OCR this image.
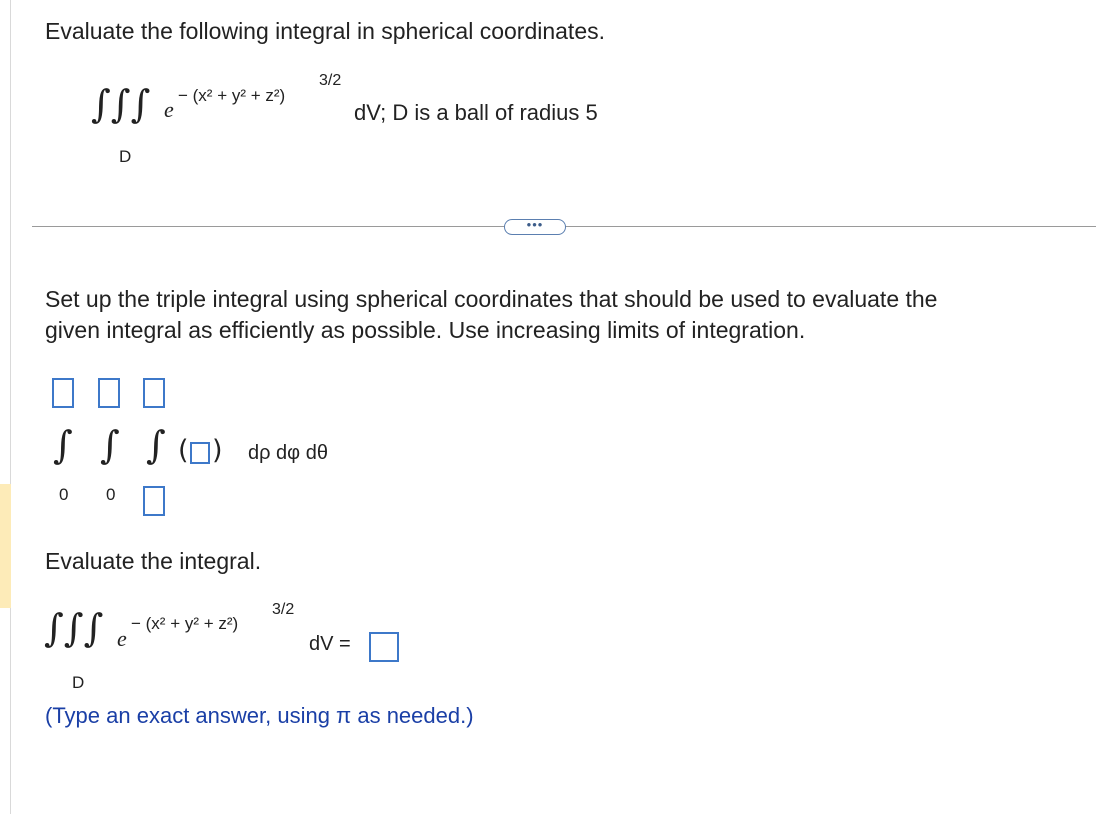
Evaluate the following integral in spherical coordinates.
∫∫∫
D
e
− (x² + y² + z²)
3/2
dV; D is a ball of radius 5
•••
Set up the triple integral using spherical coordinates that should be used to evaluate the
given integral as efficiently as possible. Use increasing limits of integration.
∫ ∫ ∫ ( ) dρ dφ dθ
0 0
Evaluate the integral.
∫∫∫
D
e
− (x² + y² + z²)
3/2
dV =
(Type an exact answer, using π as needed.)
